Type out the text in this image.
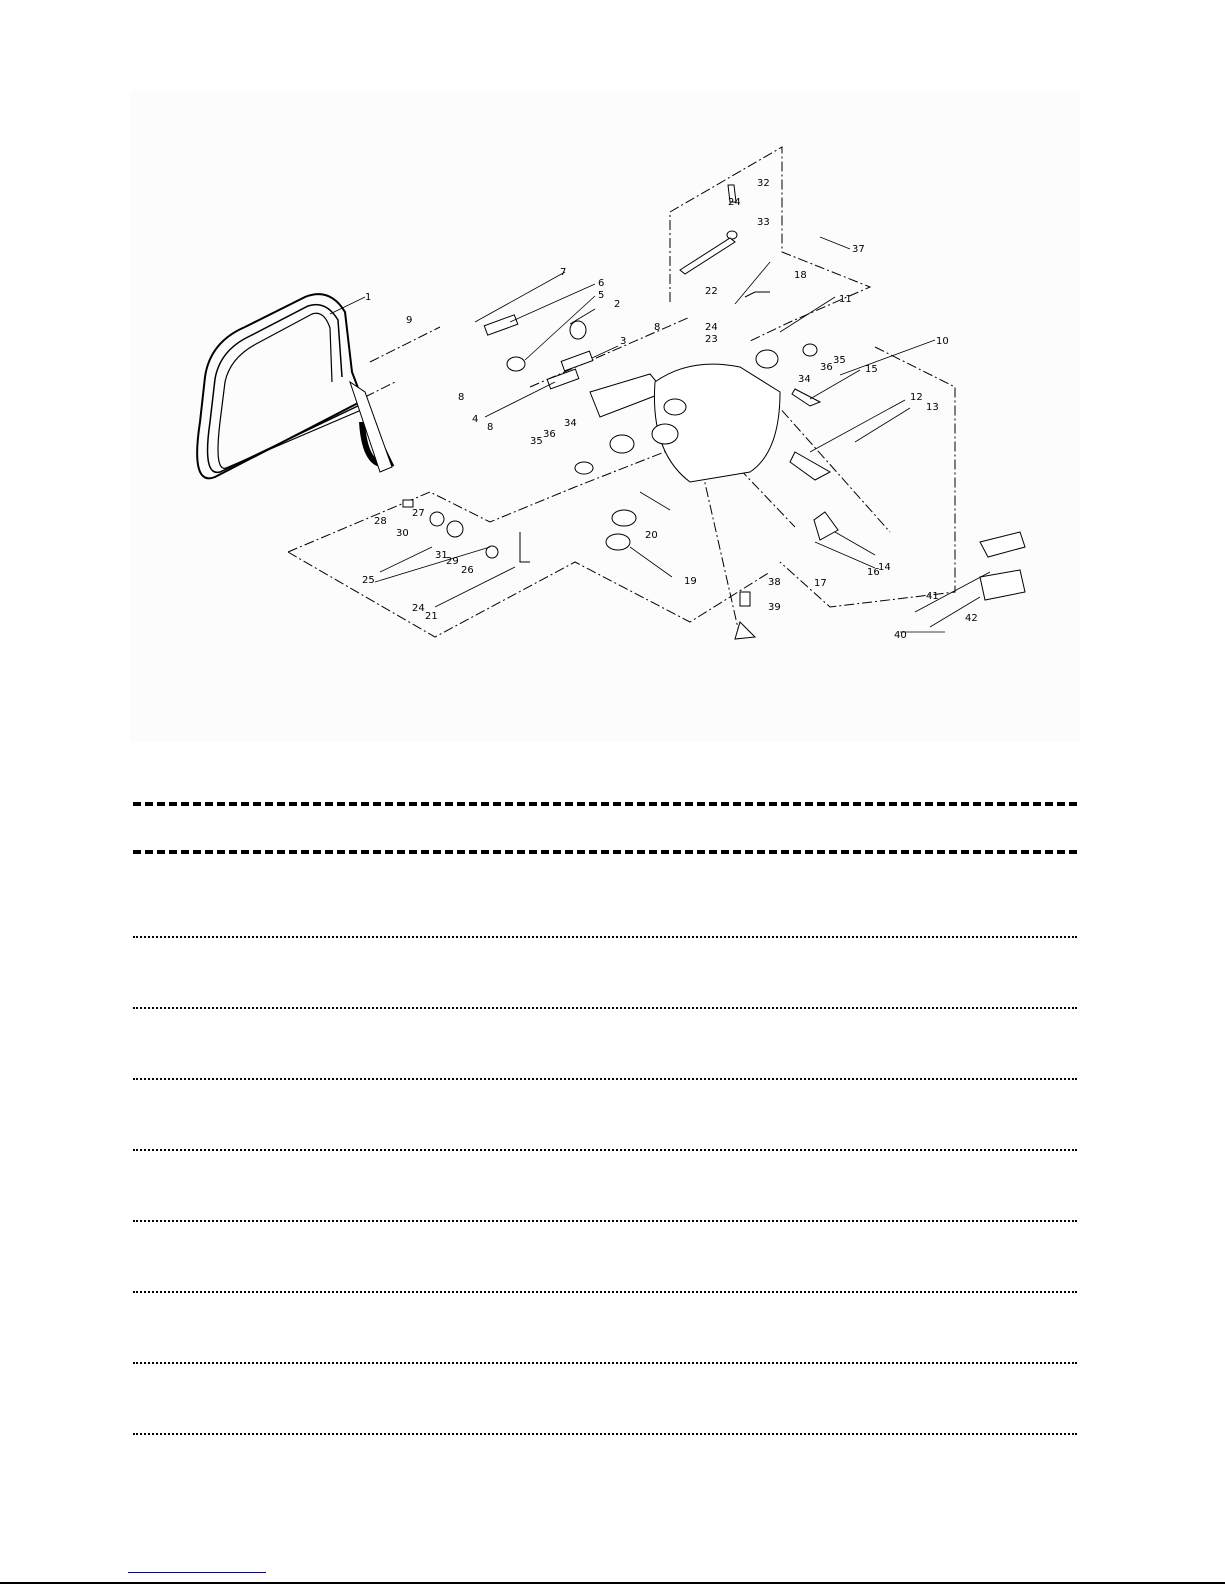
1
2
3
4
5
6
7
8
8
8
9
10
11
12
13
14
15
16
17
18
19
20
21
22
23
24
24
24
25
26
27
28
29
30
31
32
33
34
34
35
35
36
36
37
38
39
40
41
42
